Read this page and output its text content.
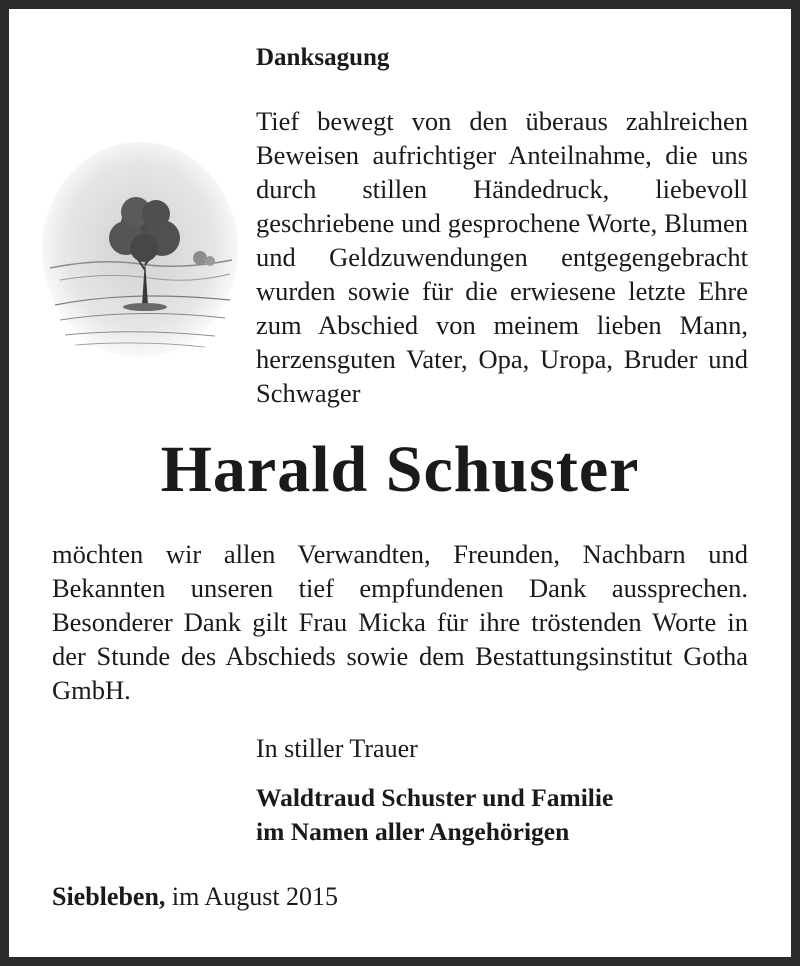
Danksagung

Tief bewegt von den überaus zahlreichen Beweisen aufrichtiger Anteilnahme, die uns durch stillen Händedruck, liebevoll geschriebene und gesprochene Worte, Blumen und Geldzuwendungen entgegengebracht wurden sowie für die erwiesene letzte Ehre zum Abschied von meinem lieben Mann, herzensguten Vater, Opa, Uropa, Bruder und Schwager

Harald Schuster

möchten wir allen Verwandten, Freunden, Nachbarn und Bekannten unseren tief empfundenen Dank aussprechen. Besonderer Dank gilt Frau Micka für ihre tröstenden Worte in der Stunde des Abschieds sowie dem Bestattungsinstitut Gotha GmbH.

In stiller Trauer

Waldtraud Schuster und Familie
im Namen aller Angehörigen

Siebleben, im August 2015
